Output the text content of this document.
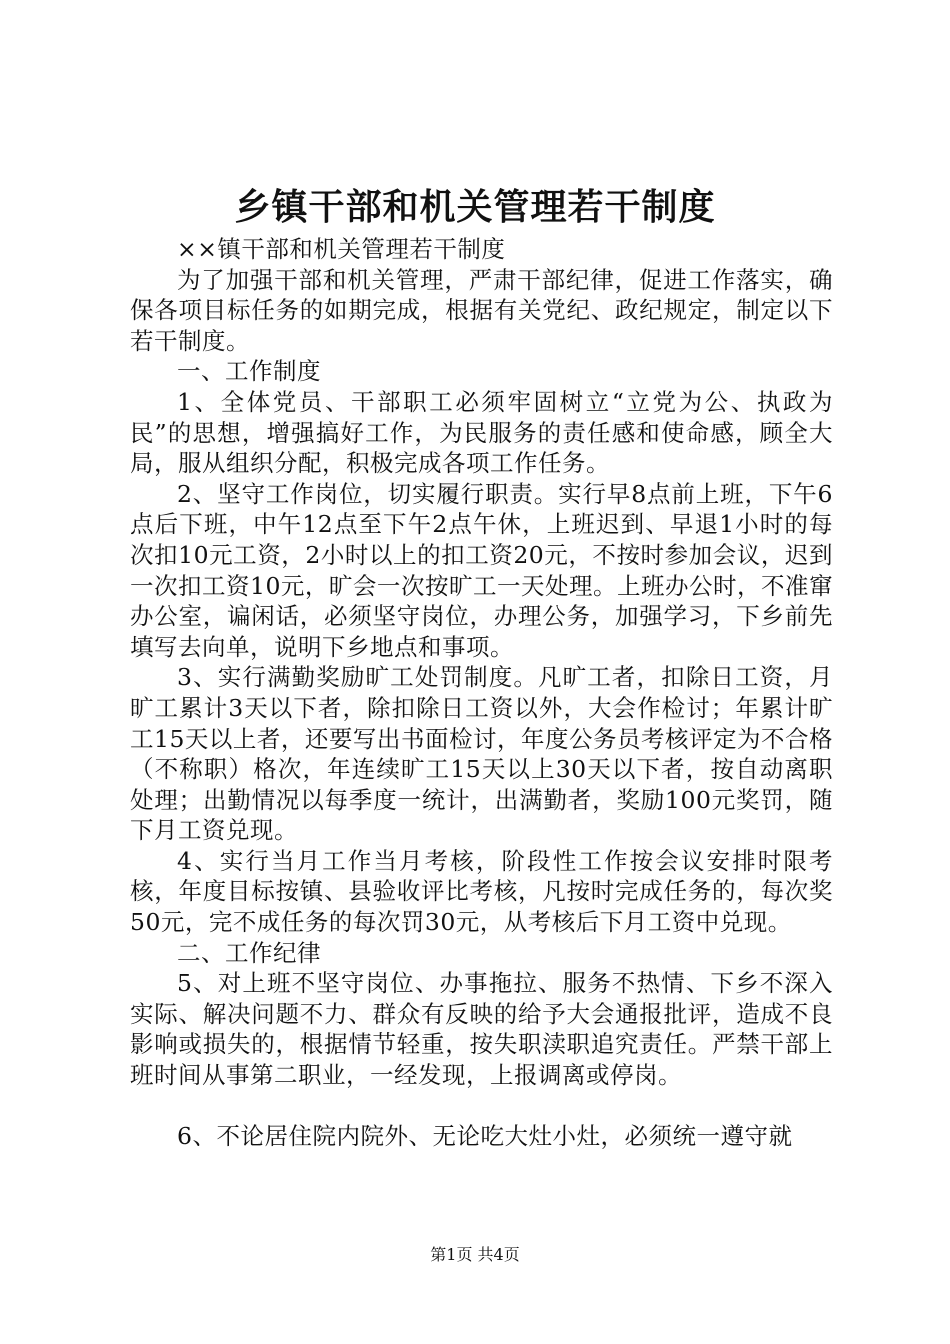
乡镇干部和机关管理若干制度

××镇干部和机关管理若干制度

为了加强干部和机关管理，严肃干部纪律，促进工作落实，确保各项目标任务的如期完成，根据有关党纪、政纪规定，制定以下若干制度。

一、工作制度

1、全体党员、干部职工必须牢固树立“立党为公、执政为民”的思想，增强搞好工作，为民服务的责任感和使命感，顾全大局，服从组织分配，积极完成各项工作任务。

2、坚守工作岗位，切实履行职责。实行早8点前上班，下午6点后下班，中午12点至下午2点午休，上班迟到、早退1小时的每次扣10元工资，2小时以上的扣工资20元，不按时参加会议，迟到一次扣工资10元，旷会一次按旷工一天处理。上班办公时，不准窜办公室，谝闲话，必须坚守岗位，办理公务，加强学习，下乡前先填写去向单，说明下乡地点和事项。

3、实行满勤奖励旷工处罚制度。凡旷工者，扣除日工资，月旷工累计3天以下者，除扣除日工资以外，大会作检讨；年累计旷工15天以上者，还要写出书面检讨，年度公务员考核评定为不合格（不称职）格次，年连续旷工15天以上30天以下者，按自动离职处理；出勤情况以每季度一统计，出满勤者，奖励100元奖罚，随下月工资兑现。

4、实行当月工作当月考核，阶段性工作按会议安排时限考核，年度目标按镇、县验收评比考核，凡按时完成任务的，每次奖50元，完不成任务的每次罚30元，从考核后下月工资中兑现。

二、工作纪律

5、对上班不坚守岗位、办事拖拉、服务不热情、下乡不深入实际、解决问题不力、群众有反映的给予大会通报批评，造成不良影响或损失的，根据情节轻重，按失职渎职追究责任。严禁干部上班时间从事第二职业，一经发现，上报调离或停岗。

6、不论居住院内院外、无论吃大灶小灶，必须统一遵守就

第1页 共4页
